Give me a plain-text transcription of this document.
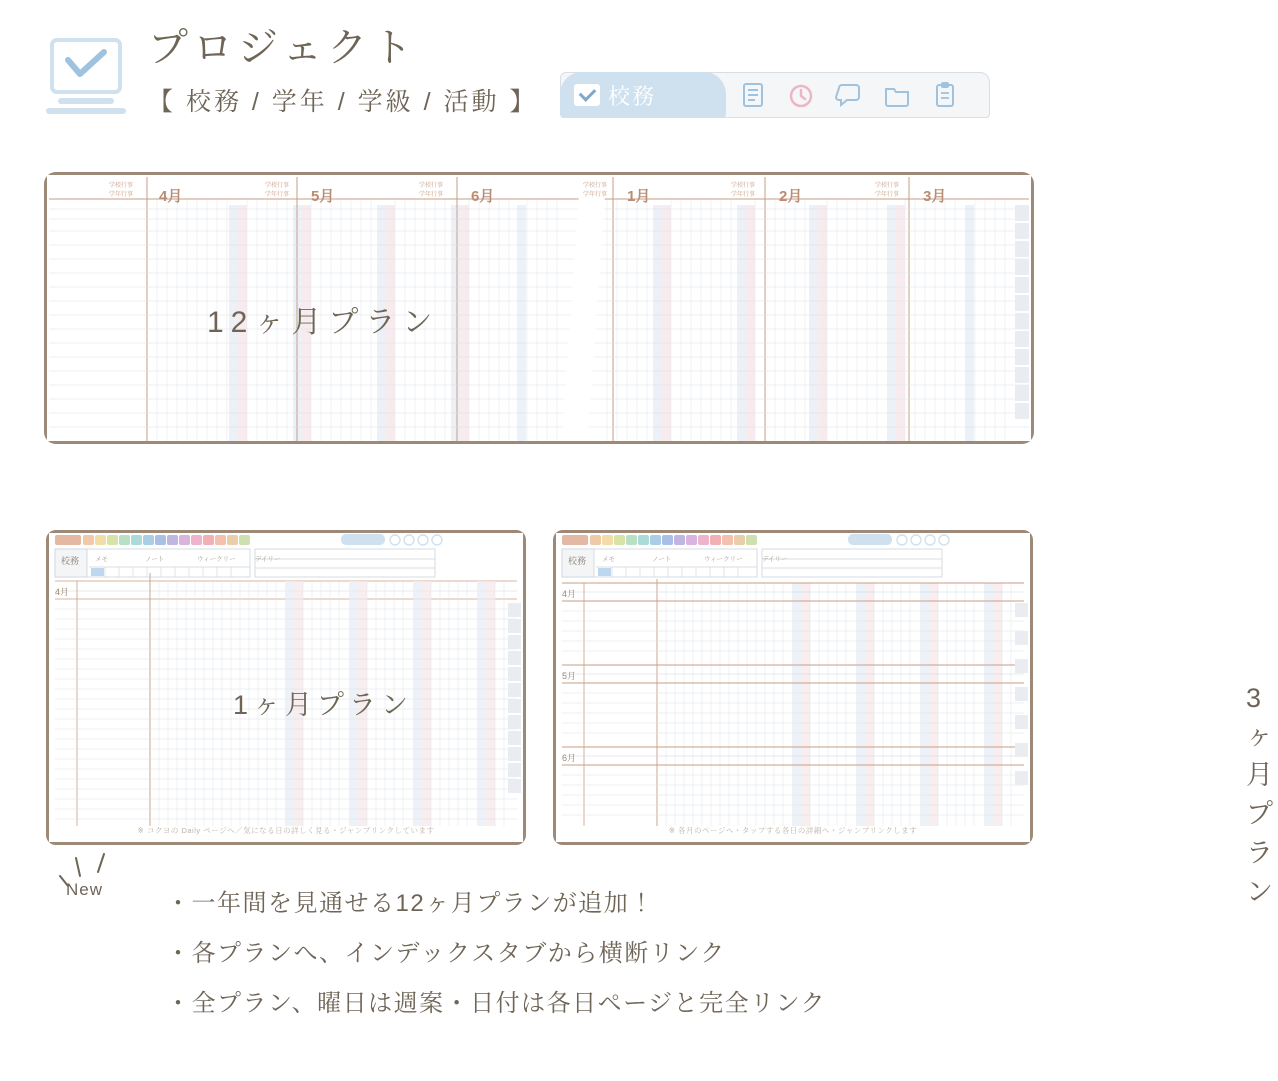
プロジェクト
【 校務 / 学年 / 学級 / 活動 】	校務
4月	5月	6月	1月	2月	3月
学校行事
学年行事
学校行事
学年行事
学校行事
学年行事
学校行事
学年行事
学校行事
学年行事
学校行事
学年行事
12ヶ月プラン
校務 メモ	ノート	ウィークリー	デイリー
4月
※ コクヨの Daily ページへ／気になる日の詳しく見る・ジャンプリンクしています
1ヶ月プラン
校務 メモ	ノート	ウィークリー	デイリー
4月
5月
6月
※ 各月のページへ・タップする各日の詳細へ・ジャンプリンクします
3ヶ月プラン
New
・一年間を見通せる12ヶ月プランが追加！
・各プランへ、インデックスタブから横断リンク
・全プラン、曜日は週案・日付は各日ページと完全リンク
